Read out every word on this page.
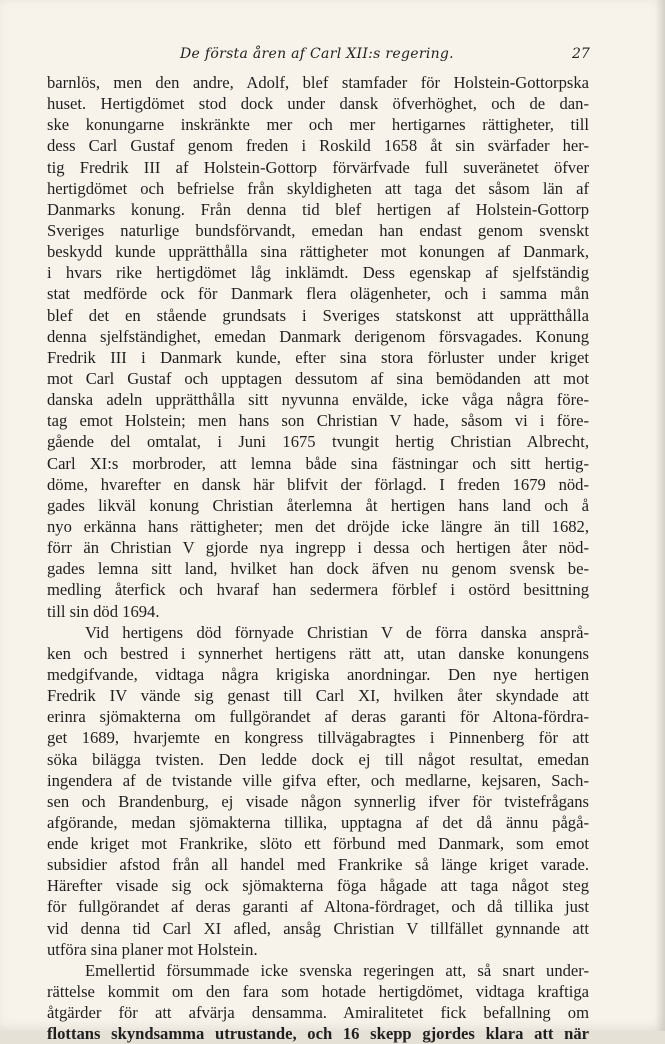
De första åren af Carl XII:s regering.	27
barnlös, men den andre, Adolf, blef stamfader för Holstein-Gottorpska
huset. Hertigdömet stod dock under dansk öfverhöghet, och de dan-
ske konungarne inskränkte mer och mer hertigarnes rättigheter, till
dess Carl Gustaf genom freden i Roskild 1658 åt sin svärfader her-
tig Fredrik III af Holstein-Gottorp förvärfvade full suveränetet öfver
hertigdömet och befrielse från skyldigheten att taga det såsom län af
Danmarks konung. Från denna tid blef hertigen af Holstein-Gottorp
Sveriges naturlige bundsförvandt, emedan han endast genom svenskt
beskydd kunde upprätthålla sina rättigheter mot konungen af Danmark,
i hvars rike hertigdömet låg inklämdt. Dess egenskap af sjelfständig
stat medförde ock för Danmark flera olägenheter, och i samma mån
blef det en stående grundsats i Sveriges statskonst att upprätthålla
denna sjelfständighet, emedan Danmark derigenom försvagades. Konung
Fredrik III i Danmark kunde, efter sina stora förluster under kriget
mot Carl Gustaf och upptagen dessutom af sina bemödanden att mot
danska adeln upprätthålla sitt nyvunna envälde, icke våga några före-
tag emot Holstein; men hans son Christian V hade, såsom vi i före-
gående del omtalat, i Juni 1675 tvungit hertig Christian Albrecht,
Carl XI:s morbroder, att lemna både sina fästningar och sitt hertig-
döme, hvarefter en dansk här blifvit der förlagd. I freden 1679 nöd-
gades likväl konung Christian återlemna åt hertigen hans land och å
nyo erkänna hans rättigheter; men det dröjde icke längre än till 1682,
förr än Christian V gjorde nya ingrepp i dessa och hertigen åter nöd-
gades lemna sitt land, hvilket han dock äfven nu genom svensk be-
medling återfick och hvaraf han sedermera förblef i ostörd besittning
till sin död 1694.
Vid hertigens död förnyade Christian V de förra danska ansprå-
ken och bestred i synnerhet hertigens rätt att, utan danske konungens
medgifvande, vidtaga några krigiska anordningar. Den nye hertigen
Fredrik IV vände sig genast till Carl XI, hvilken åter skyndade att
erinra sjömakterna om fullgörandet af deras garanti för Altona-fördra-
get 1689, hvarjemte en kongress tillvägabragtes i Pinnenberg för att
söka bilägga tvisten. Den ledde dock ej till något resultat, emedan
ingendera af de tvistande ville gifva efter, och medlarne, kejsaren, Sach-
sen och Brandenburg, ej visade någon synnerlig ifver för tvistefrågans
afgörande, medan sjömakterna tillika, upptagna af det då ännu pågå-
ende kriget mot Frankrike, slöto ett förbund med Danmark, som emot
subsidier afstod från all handel med Frankrike så länge kriget varade.
Härefter visade sig ock sjömakterna föga hågade att taga något steg
för fullgörandet af deras garanti af Altona-fördraget, och då tillika just
vid denna tid Carl XI afled, ansåg Christian V tillfället gynnande att
utföra sina planer mot Holstein.
Emellertid försummade icke svenska regeringen att, så snart under-
rättelse kommit om den fara som hotade hertigdömet, vidtaga kraftiga
åtgärder för att afvärja densamma. Amiralitetet fick befallning om
flottans skyndsamma utrustande, och 16 skepp gjordes klara att när
